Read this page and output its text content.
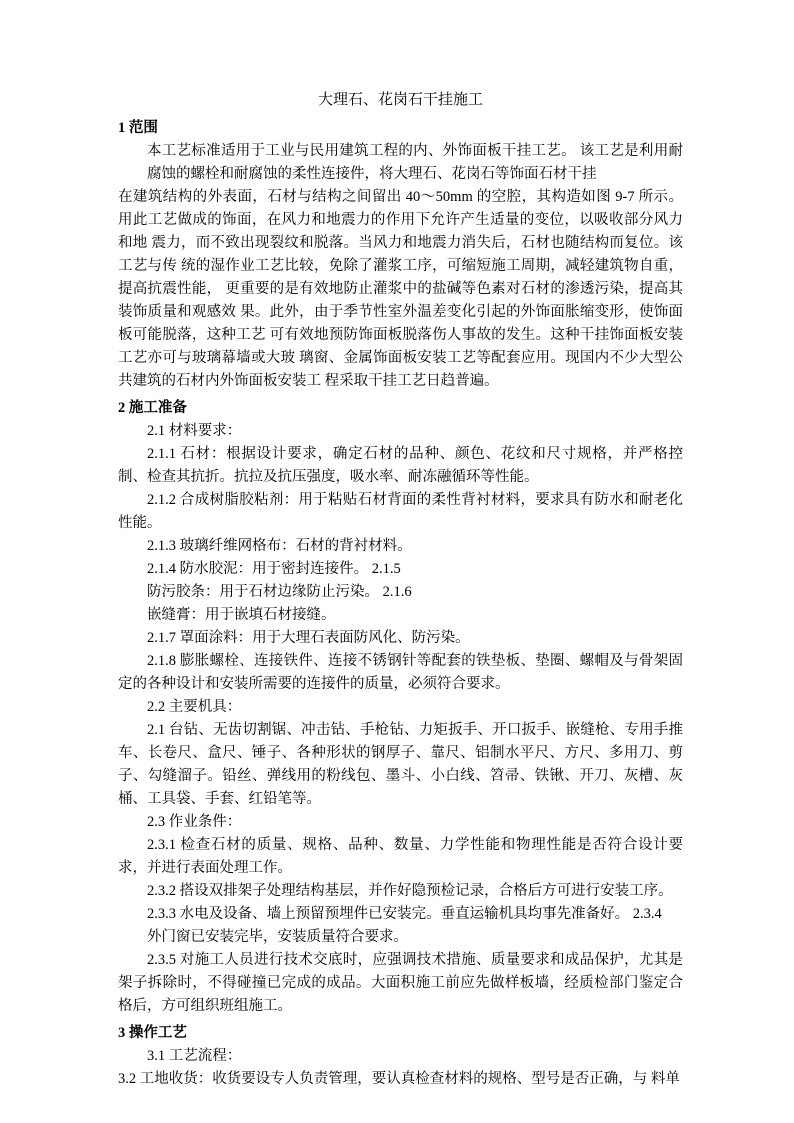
大理石、花岗石干挂施工
1 范围

本工艺标准适用于工业与民用建筑工程的内、外饰面板干挂工艺。 该工艺是利用耐腐蚀的螺栓和耐腐蚀的柔性连接件，将大理石、花岗石等饰面石材干挂

在建筑结构的外表面，石材与结构之间留出 40～50mm 的空腔，其构造如图 9-7 所示。 用此工艺做成的饰面，在风力和地震力的作用下允许产生适量的变位，以吸收部分风力和地 震力，而不致出现裂纹和脱落。当风力和地震力消失后，石材也随结构而复位。该工艺与传 统的湿作业工艺比较，免除了灌浆工序，可缩短施工周期，减轻建筑物自重，提高抗震性能， 更重要的是有效地防止灌浆中的盐碱等色素对石材的渗透污染，提高其装饰质量和观感效 果。此外，由于季节性室外温差变化引起的外饰面胀缩变形，使饰面板可能脱落，这种工艺 可有效地预防饰面板脱落伤人事故的发生。这种干挂饰面板安装工艺亦可与玻璃幕墙或大玻 璃窗、金属饰面板安装工艺等配套应用。现国内不少大型公共建筑的石材内外饰面板安装工 程采取干挂工艺日趋普遍。

2 施工准备

2.1 材料要求：

2.1.1 石材：根据设计要求，确定石材的品种、颜色、花纹和尺寸规格，并严格控制、检查其抗折。抗拉及抗压强度，吸水率、耐冻融循环等性能。

2.1.2 合成树脂胶粘剂：用于粘贴石材背面的柔性背衬材料，要求具有防水和耐老化性能。

2.1.3 玻璃纤维网格布：石材的背衬材料。

2.1.4 防水胶泥：用于密封连接件。 2.1.5

防污胶条：用于石材边缘防止污染。 2.1.6

嵌缝膏：用于嵌填石材接缝。

2.1.7 罩面涂料：用于大理石表面防风化、防污染。

2.1.8 膨胀螺栓、连接铁件、连接不锈钢针等配套的铁垫板、垫圈、螺帽及与骨架固定的各种设计和安装所需要的连接件的质量，必须符合要求。

2.2 主要机具：

2.1 台钻、无齿切割锯、冲击钻、手枪钻、力矩扳手、开口扳手、嵌缝枪、专用手推车、长卷尺、盒尺、锤子、各种形状的钢厚子、靠尺、铝制水平尺、方尺、多用刀、剪子、勾缝溜子。铅丝、弹线用的粉线包、墨斗、小白线、笤帚、铁锹、开刀、灰槽、灰桶、工具袋、手套、红铅笔等。

2.3 作业条件：

2.3.1 检查石材的质量、规格、品种、数量、力学性能和物理性能是否符合设计要求，并进行表面处理工作。

2.3.2 搭设双排架子处理结构基层，并作好隐预检记录，合格后方可进行安装工序。

2.3.3 水电及设备、墙上预留预埋件已安装完。垂直运输机具均事先准备好。 2.3.4

外门窗已安装完毕，安装质量符合要求。

2.3.5 对施工人员进行技术交底时，应强调技术措施、质量要求和成品保护，尤其是架子拆除时，不得碰撞已完成的成品。大面积施工前应先做样板墙，经质检部门鉴定合格后，方可组织班组施工。

3 操作工艺

3.1 工艺流程：

3.2 工地收货：收货要设专人负责管理，要认真检查材料的规格、型号是否正确，与 料单
